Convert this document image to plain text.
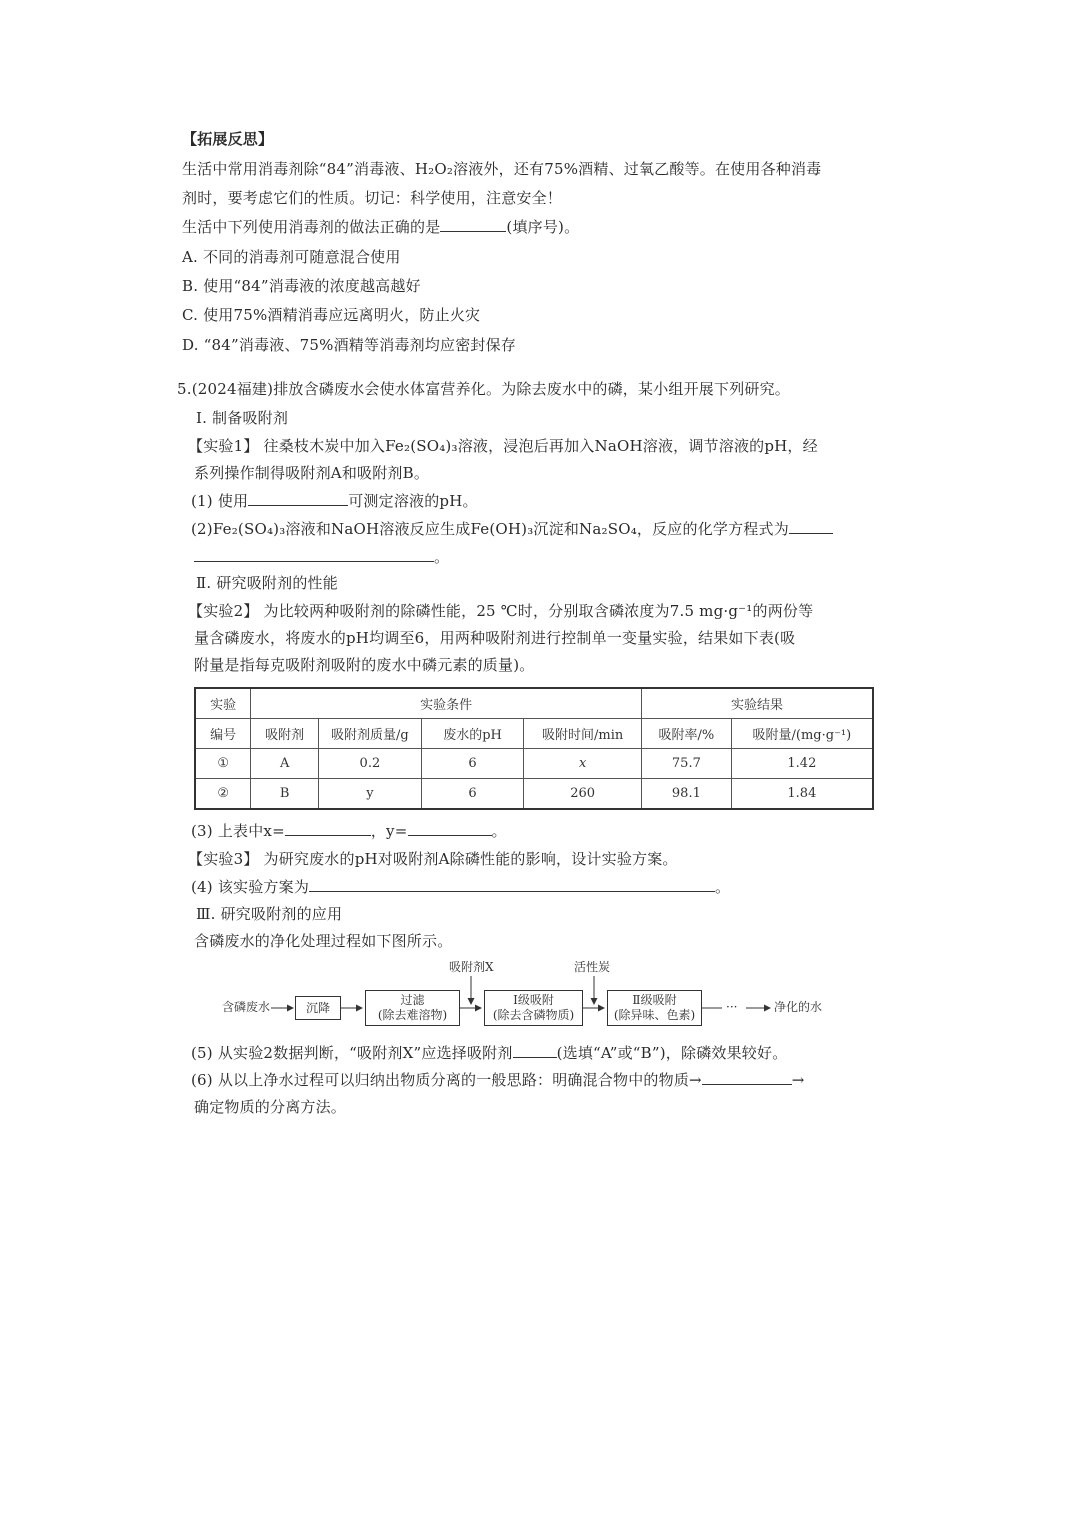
【拓展反思】
生活中常用消毒剂除“84”消毒液、H₂O₂溶液外，还有75%酒精、过氧乙酸等。在使用各种消毒
剂时，要考虑它们的性质。切记：科学使用，注意安全！
生活中下列使用消毒剂的做法正确的是	(填序号)。
A. 不同的消毒剂可随意混合使用
B. 使用“84”消毒液的浓度越高越好
C. 使用75%酒精消毒应远离明火，防止火灾
D. “84”消毒液、75%酒精等消毒剂均应密封保存
5.(2024福建)排放含磷废水会使水体富营养化。为除去废水中的磷，某小组开展下列研究。
Ⅰ. 制备吸附剂
【实验1】 往桑枝木炭中加入Fe₂(SO₄)₃溶液，浸泡后再加入NaOH溶液，调节溶液的pH，经
系列操作制得吸附剂A和吸附剂B。
(1) 使用	可测定溶液的pH。
(2)Fe₂(SO₄)₃溶液和NaOH溶液反应生成Fe(OH)₃沉淀和Na₂SO₄，反应的化学方程式为
。
Ⅱ. 研究吸附剂的性能
【实验2】 为比较两种吸附剂的除磷性能，25 ℃时，分别取含磷浓度为7.5 mg·g⁻¹的两份等
量含磷废水，将废水的pH均调至6，用两种吸附剂进行控制单一变量实验，结果如下表(吸
附量是指每克吸附剂吸附的废水中磷元素的质量)。
实验	实验条件				实验结果	
编号	吸附剂	吸附剂质量/g	废水的pH	吸附时间/min	吸附率/%	吸附量/(mg·g⁻¹)
①	A	0.2	6	x	75.7	1.42
②	B	y	6	260	98.1	1.84
(3) 上表中x=	，y=	。
【实验3】 为研究废水的pH对吸附剂A除磷性能的影响，设计实验方案。
(4) 该实验方案为	。
Ⅲ. 研究吸附剂的应用
含磷废水的净化处理过程如下图所示。
含磷废水	沉降
过滤
(除去难溶物)
Ⅰ级吸附
(除去含磷物质)
Ⅱ级吸附
(除异味、色素)
吸附剂X	活性炭
···	净化的水
(5) 从实验2数据判断，“吸附剂X”应选择吸附剂	(选填“A”或“B”)，除磷效果较好。
(6) 从以上净水过程可以归纳出物质分离的一般思路：明确混合物中的物质→	→
确定物质的分离方法。
